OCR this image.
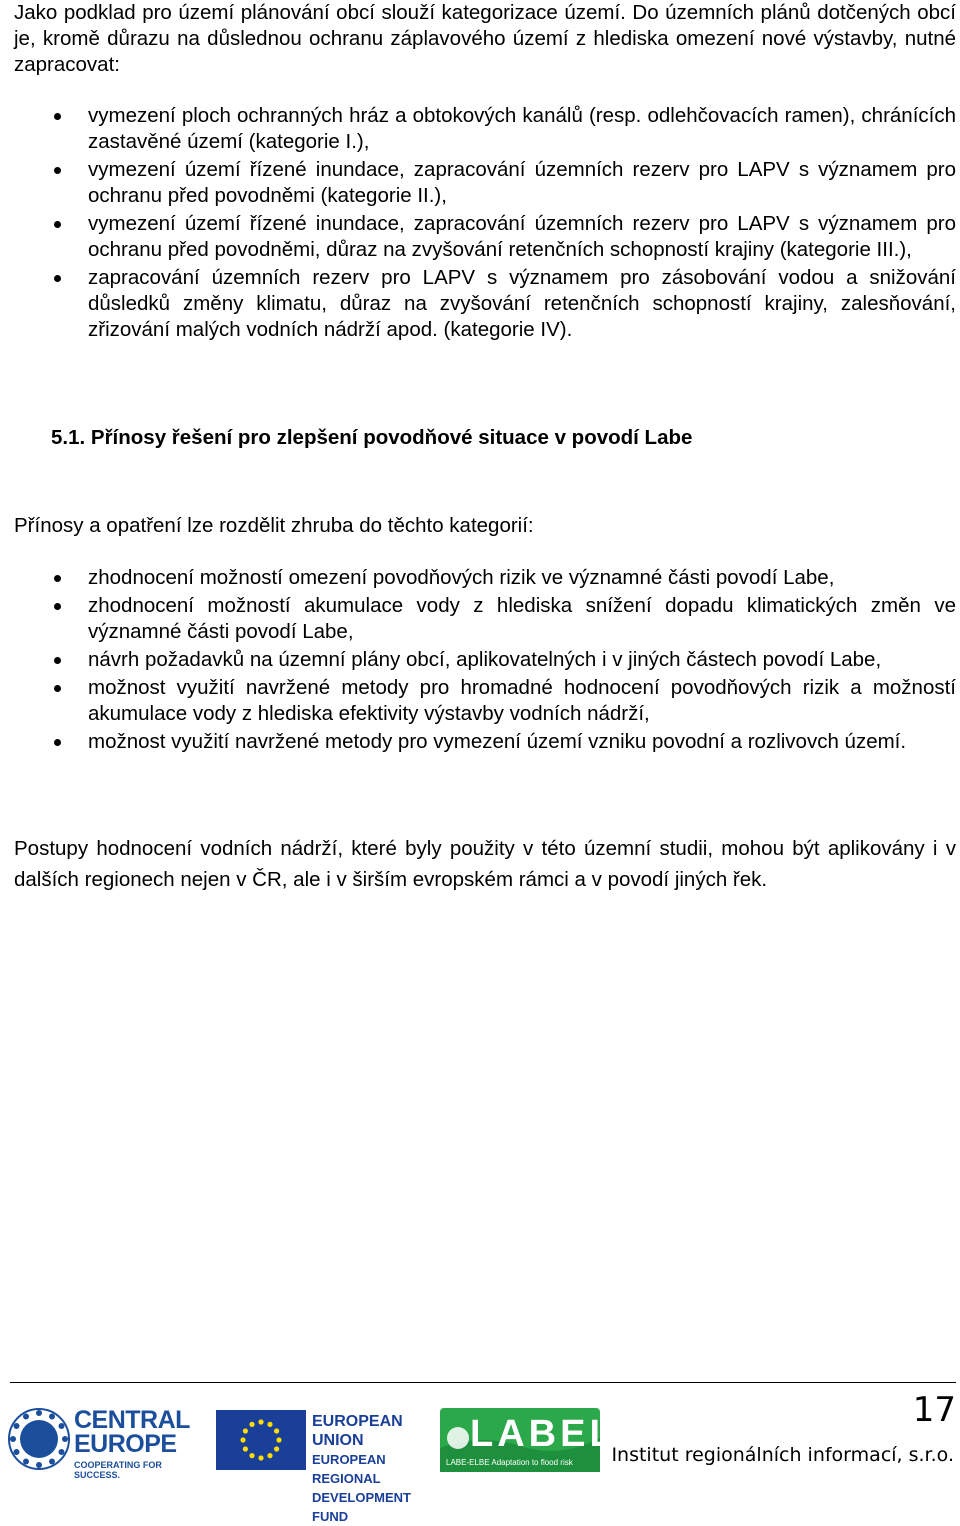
Jako podklad pro území plánování obcí slouží kategorizace území. Do územních plánů dotčených obcí je, kromě důrazu na důslednou ochranu záplavového území z hlediska omezení nové výstavby, nutné zapracovat:

vymezení ploch ochranných hráz a obtokových kanálů (resp. odlehčovacích ramen), chránících zastavěné území (kategorie I.),
vymezení území řízené inundace, zapracování územních rezerv pro LAPV s významem pro ochranu před povodněmi (kategorie II.),
vymezení území řízené inundace, zapracování územních rezerv pro LAPV s významem pro ochranu před povodněmi, důraz na zvyšování retenčních schopností krajiny (kategorie III.),
zapracování územních rezerv pro LAPV s významem pro zásobování vodou a snižování důsledků změny klimatu, důraz na zvyšování retenčních schopností krajiny, zalesňování, zřizování malých vodních nádrží apod. (kategorie IV).
5.1. Přínosy řešení pro zlepšení povodňové situace v povodí Labe

Přínosy a opatření lze rozdělit zhruba do těchto kategorií:

zhodnocení možností omezení povodňových rizik ve významné části povodí Labe,
zhodnocení možností akumulace vody z hlediska snížení dopadu klimatických změn ve významné části povodí Labe,
návrh požadavků na územní plány obcí, aplikovatelných i v jiných částech povodí Labe,
možnost využití navržené metody pro hromadné hodnocení povodňových rizik a možností akumulace vody z hlediska efektivity výstavby vodních nádrží,
možnost využití navržené metody pro vymezení území vzniku povodní a rozlivovch území.

Postupy hodnocení vodních nádrží, které byly použity v této územní studii, mohou být aplikovány i v dalších regionech nejen v ČR, ale i v širším evropském rámci a v povodí jiných řek.

CENTRAL
EUROPE
COOPERATING FOR SUCCESS.
EUROPEAN UNION
EUROPEAN REGIONAL
DEVELOPMENT FUND
LABEL
LABE-ELBE Adaptation to flood risk
17
Institut regionálních informací, s.r.o.
